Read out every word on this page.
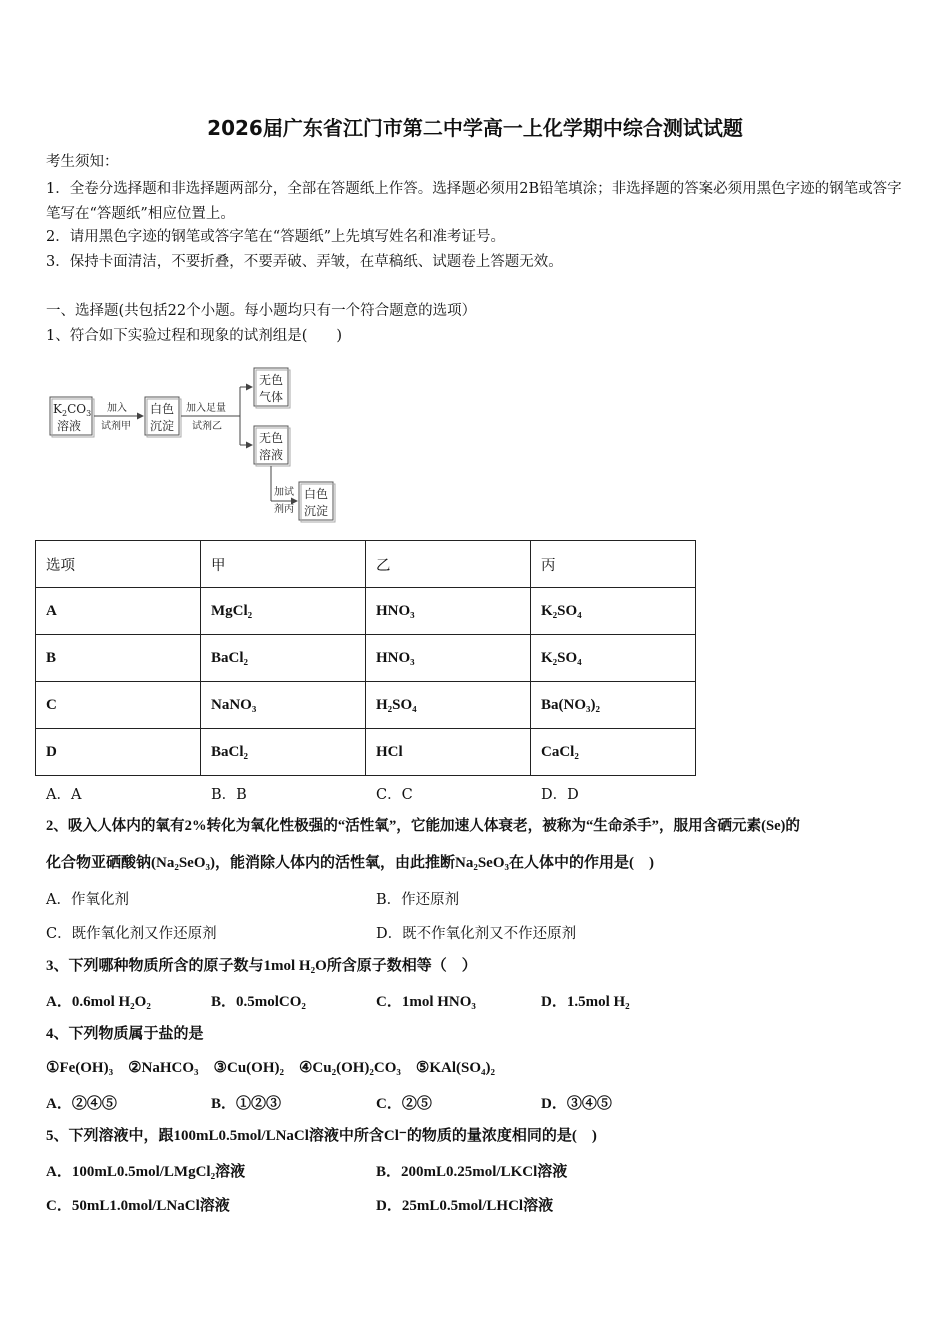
2026届广东省江门市第二中学高一上化学期中综合测试试题
考生须知：
1．全卷分选择题和非选择题两部分，全部在答题纸上作答。选择题必须用2B铅笔填涂；非选择题的答案必须用黑色字迹的钢笔或答字笔写在“答题纸”相应位置上。
2．请用黑色字迹的钢笔或答字笔在“答题纸”上先填写姓名和准考证号。
3．保持卡面清洁，不要折叠，不要弄破、弄皱，在草稿纸、试题卷上答题无效。
一、选择题(共包括22个小题。每小题均只有一个符合题意的选项）
1、符合如下实验过程和现象的试剂组是(　　)
$K_2CO_3$
溶液
白色
沉淀
无色
气体
无色
溶液
白色
沉淀
加入
试剂甲
加入足量
试剂乙
加试
剂丙
选项	甲	乙	丙
A	MgCl₂	HNO₃	K₂SO₄
B	BaCl₂	HNO₃	K₂SO₄
C	NaNO₃	H₂SO₄	Ba(NO₃)₂
D	BaCl₂	HCl	CaCl₂
A．A	B．B	C．C	D．D
2、吸入人体内的氧有2%转化为氧化性极强的“活性氧”，它能加速人体衰老，被称为“生命杀手”，服用含硒元素(Se)的
化合物亚硒酸钠(Na₂SeO₃)，能消除人体内的活性氧，由此推断Na₂SeO₃在人体中的作用是(　)
A．作氧化剂	B．作还原剂
C．既作氧化剂又作还原剂	D．既不作氧化剂又不作还原剂
3、下列哪种物质所含的原子数与1mol H₂O所含原子数相等（　）
A．0.6mol H₂O₂	B．0.5molCO₂	C．1mol HNO₃	D．1.5mol H₂
4、下列物质属于盐的是
①Fe(OH)₃　②NaHCO₃　③Cu(OH)₂　④Cu₂(OH)₂CO₃　⑤KAl(SO₄)₂
A．②④⑤	B．①②③	C．②⑤	D．③④⑤
5、下列溶液中，跟100mL0.5mol/LNaCl溶液中所含Cl⁻的物质的量浓度相同的是(　)
A．100mL0.5mol/LMgCl₂溶液	B．200mL0.25mol/LKCl溶液
C．50mL1.0mol/LNaCl溶液	D．25mL0.5mol/LHCl溶液
